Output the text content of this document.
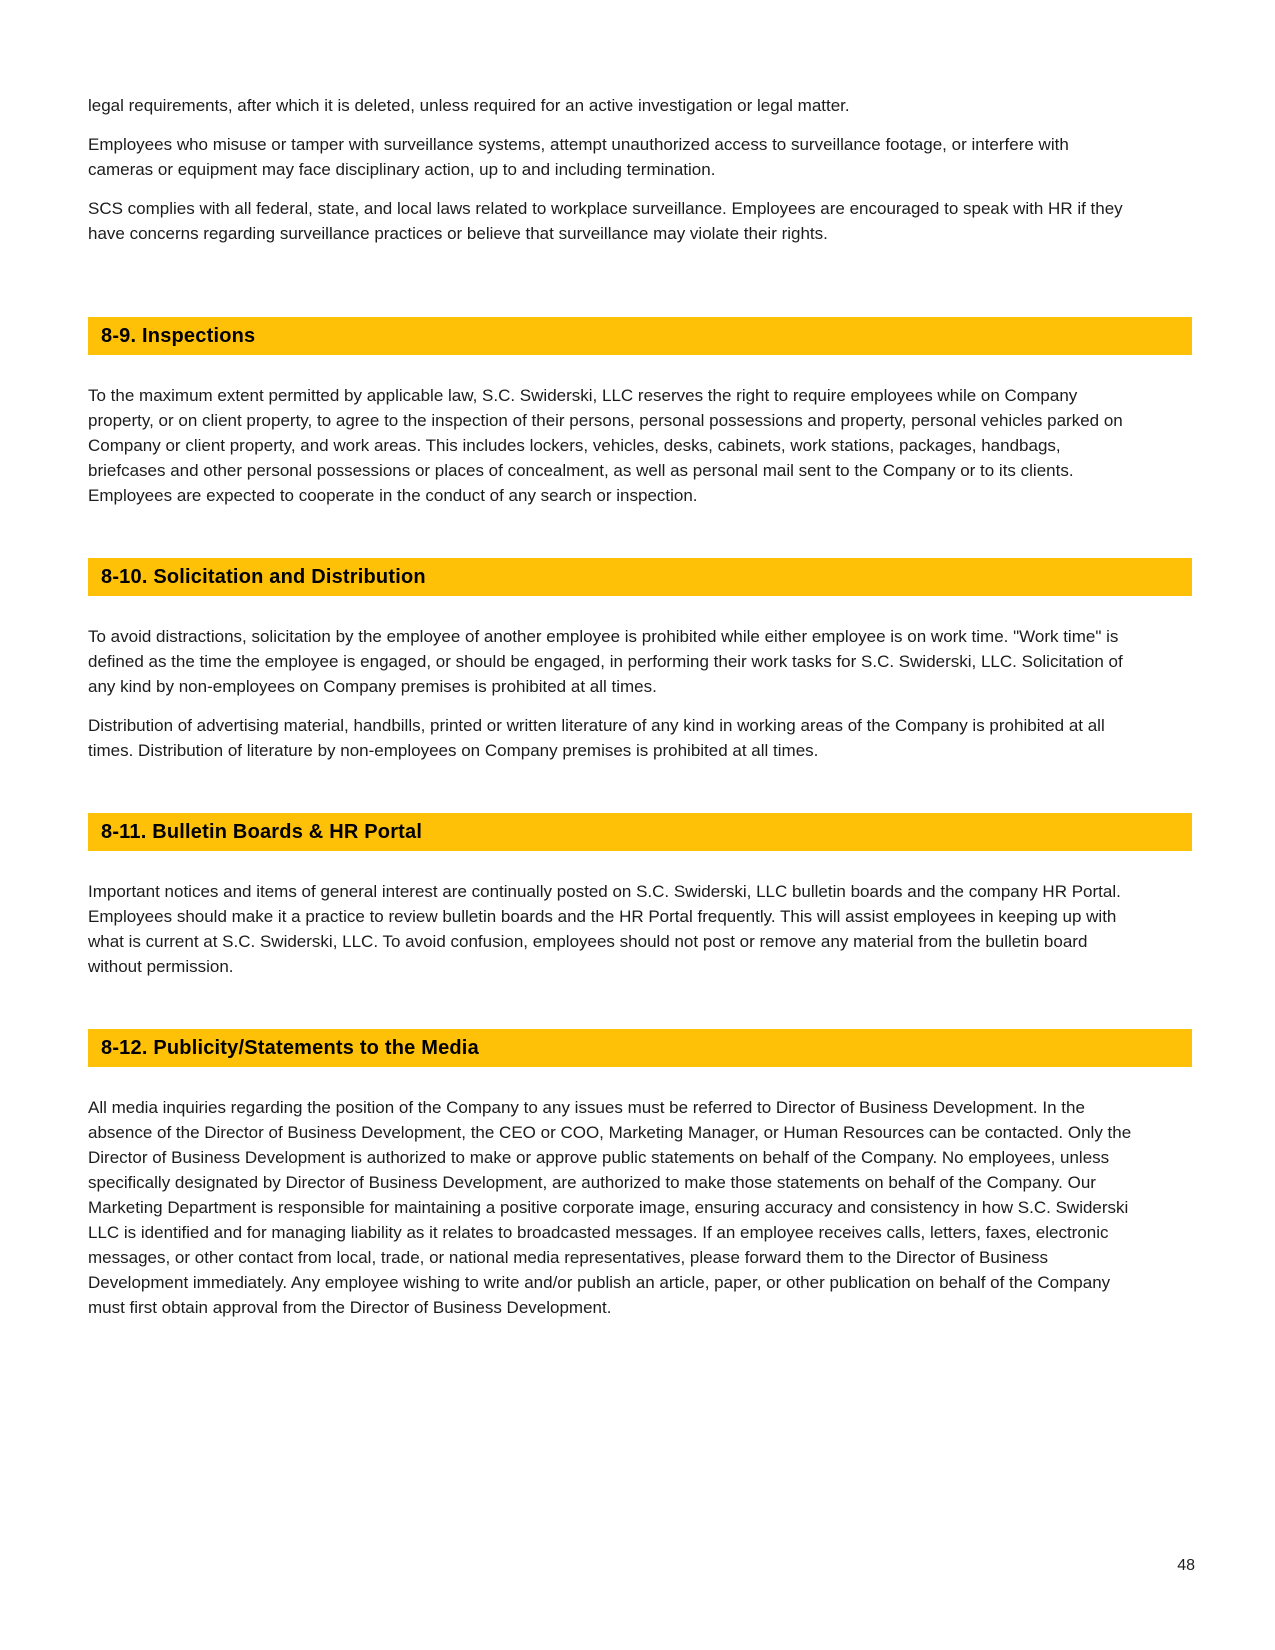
legal requirements, after which it is deleted, unless required for an active investigation or legal matter.

Employees who misuse or tamper with surveillance systems, attempt unauthorized access to surveillance footage, or interfere with cameras or equipment may face disciplinary action, up to and including termination.

SCS complies with all federal, state, and local laws related to workplace surveillance. Employees are encouraged to speak with HR if they have concerns regarding surveillance practices or believe that surveillance may violate their rights.

8-9. Inspections

To the maximum extent permitted by applicable law, S.C. Swiderski, LLC reserves the right to require employees while on Company property, or on client property, to agree to the inspection of their persons, personal possessions and property, personal vehicles parked on Company or client property, and work areas. This includes lockers, vehicles, desks, cabinets, work stations, packages, handbags, briefcases and other personal possessions or places of concealment, as well as personal mail sent to the Company or to its clients. Employees are expected to cooperate in the conduct of any search or inspection.

8-10. Solicitation and Distribution

To avoid distractions, solicitation by the employee of another employee is prohibited while either employee is on work time. "Work time" is defined as the time the employee is engaged, or should be engaged, in performing their work tasks for S.C. Swiderski, LLC. Solicitation of any kind by non-employees on Company premises is prohibited at all times.

Distribution of advertising material, handbills, printed or written literature of any kind in working areas of the Company is prohibited at all times. Distribution of literature by non-employees on Company premises is prohibited at all times.

8-11. Bulletin Boards & HR Portal

Important notices and items of general interest are continually posted on S.C. Swiderski, LLC bulletin boards and the company HR Portal. Employees should make it a practice to review bulletin boards and the HR Portal frequently. This will assist employees in keeping up with what is current at S.C. Swiderski, LLC. To avoid confusion, employees should not post or remove any material from the bulletin board without permission.

8-12. Publicity/Statements to the Media

All media inquiries regarding the position of the Company to any issues must be referred to Director of Business Development. In the absence of the Director of Business Development, the CEO or COO, Marketing Manager, or Human Resources can be contacted. Only the Director of Business Development is authorized to make or approve public statements on behalf of the Company. No employees, unless specifically designated by Director of Business Development, are authorized to make those statements on behalf of the Company. Our Marketing Department is responsible for maintaining a positive corporate image, ensuring accuracy and consistency in how S.C. Swiderski LLC is identified and for managing liability as it relates to broadcasted messages. If an employee receives calls, letters, faxes, electronic messages, or other contact from local, trade, or national media representatives, please forward them to the Director of Business Development immediately. Any employee wishing to write and/or publish an article, paper, or other publication on behalf of the Company must first obtain approval from the Director of Business Development.

48
